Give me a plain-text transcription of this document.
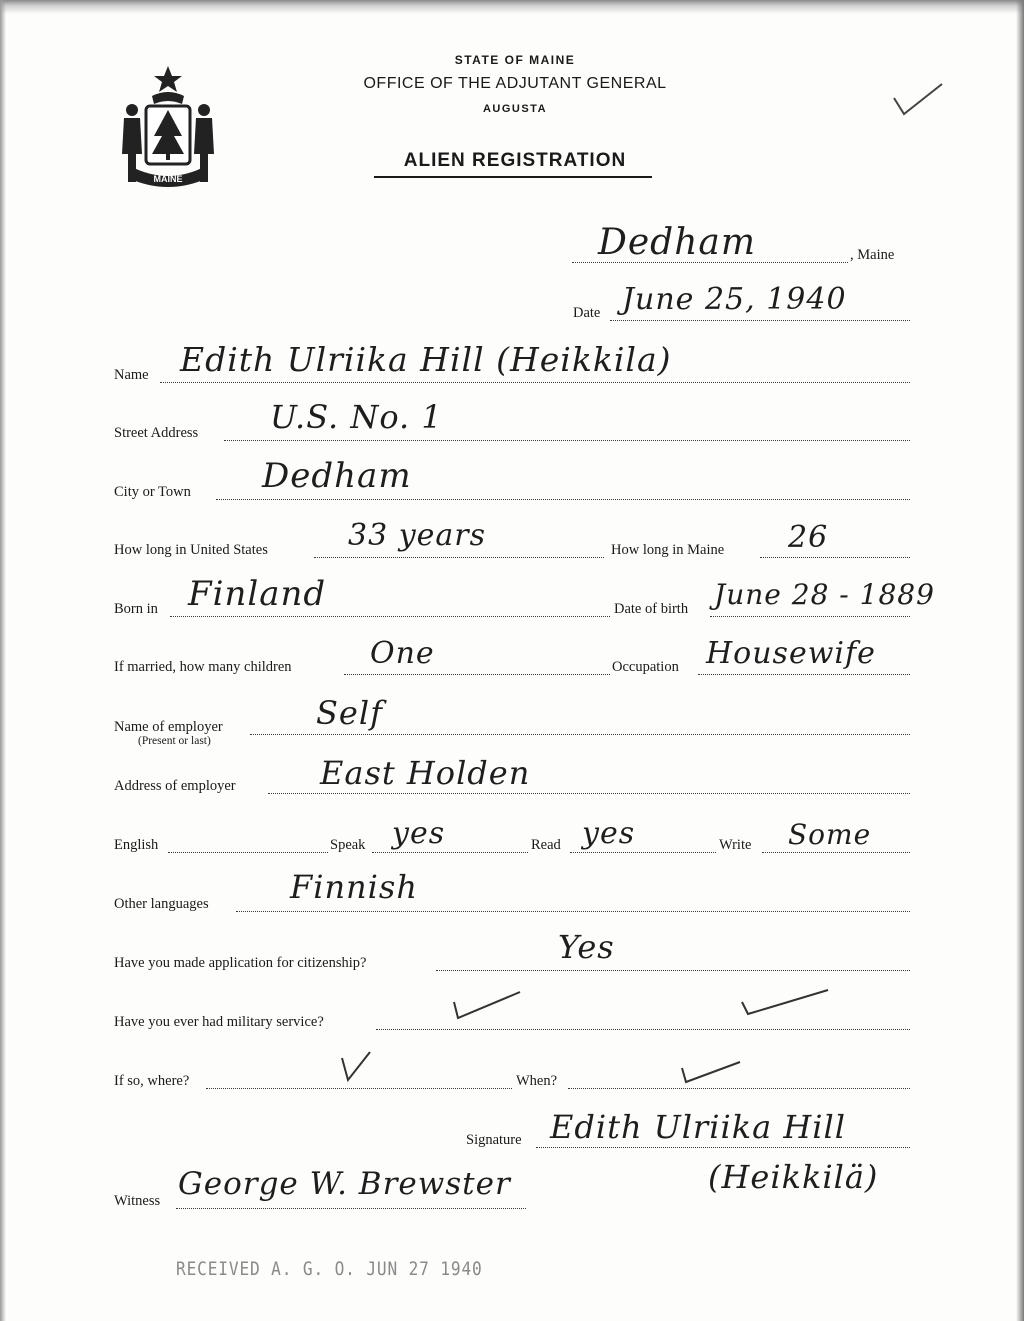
MAINE
STATE OF MAINE
OFFICE OF THE ADJUTANT GENERAL
AUGUSTA
ALIEN REGISTRATION
Dedham	, Maine
Date June 25, 1940
Name Edith Ulriika Hill (Heikkila)
Street Address U.S. No. 1
City or Town Dedham
How long in United States	33 years	How long in Maine 26
Born in Finland	Date of birth June 28 - 1889
If married, how many children	One	Occupation Housewife
Name of employer
(Present or last)
Self
Address of employer	East Holden
English	Speak yes	Read yes	Write Some
Other languages	Finnish
Have you made application for citizenship?	Yes
Have you ever had military service?
If so, where?	When?
Signature Edith Ulriika Hill
(Heikkilä)
Witness George W. Brewster
RECEIVED A. G. O. JUN 27 1940
